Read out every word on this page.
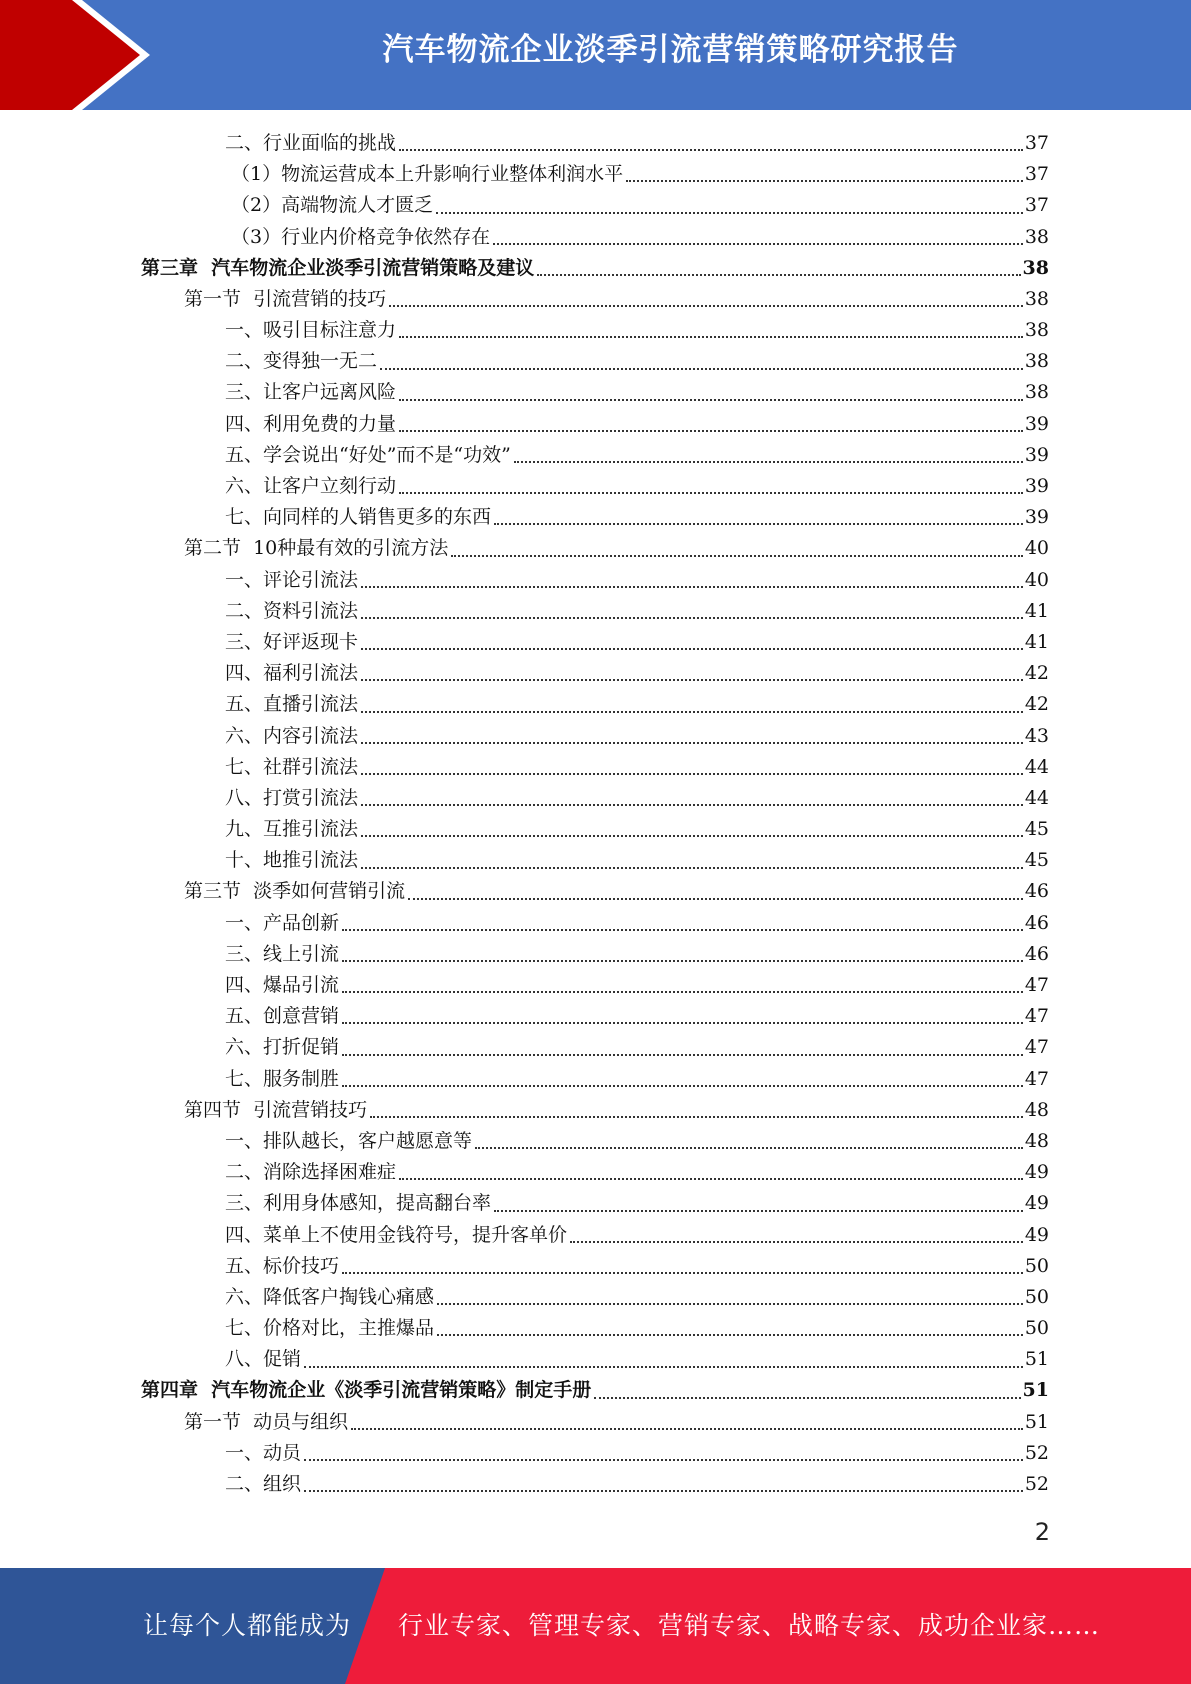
汽车物流企业淡季引流营销策略研究报告
二、行业面临的挑战	37
（1）物流运营成本上升影响行业整体利润水平	37
（2）高端物流人才匮乏	37
（3）行业内价格竞争依然存在	38
第三章  汽车物流企业淡季引流营销策略及建议	38
第一节  引流营销的技巧	38
一、吸引目标注意力	38
二、变得独一无二	38
三、让客户远离风险	38
四、利用免费的力量	39
五、学会说出“好处”而不是“功效”	39
六、让客户立刻行动	39
七、向同样的人销售更多的东西	39
第二节  10种最有效的引流方法	40
一、评论引流法	40
二、资料引流法	41
三、好评返现卡	41
四、福利引流法	42
五、直播引流法	42
六、内容引流法	43
七、社群引流法	44
八、打赏引流法	44
九、互推引流法	45
十、地推引流法	45
第三节  淡季如何营销引流	46
一、产品创新	46
三、线上引流	46
四、爆品引流	47
五、创意营销	47
六、打折促销	47
七、服务制胜	47
第四节  引流营销技巧	48
一、排队越长，客户越愿意等	48
二、消除选择困难症	49
三、利用身体感知，提高翻台率	49
四、菜单上不使用金钱符号，提升客单价	49
五、标价技巧	50
六、降低客户掏钱心痛感	50
七、价格对比，主推爆品	50
八、促销	51
第四章  汽车物流企业《淡季引流营销策略》制定手册	51
第一节  动员与组织	51
一、动员	52
二、组织	52
2
让每个人都能成为 行业专家、管理专家、营销专家、战略专家、成功企业家……
